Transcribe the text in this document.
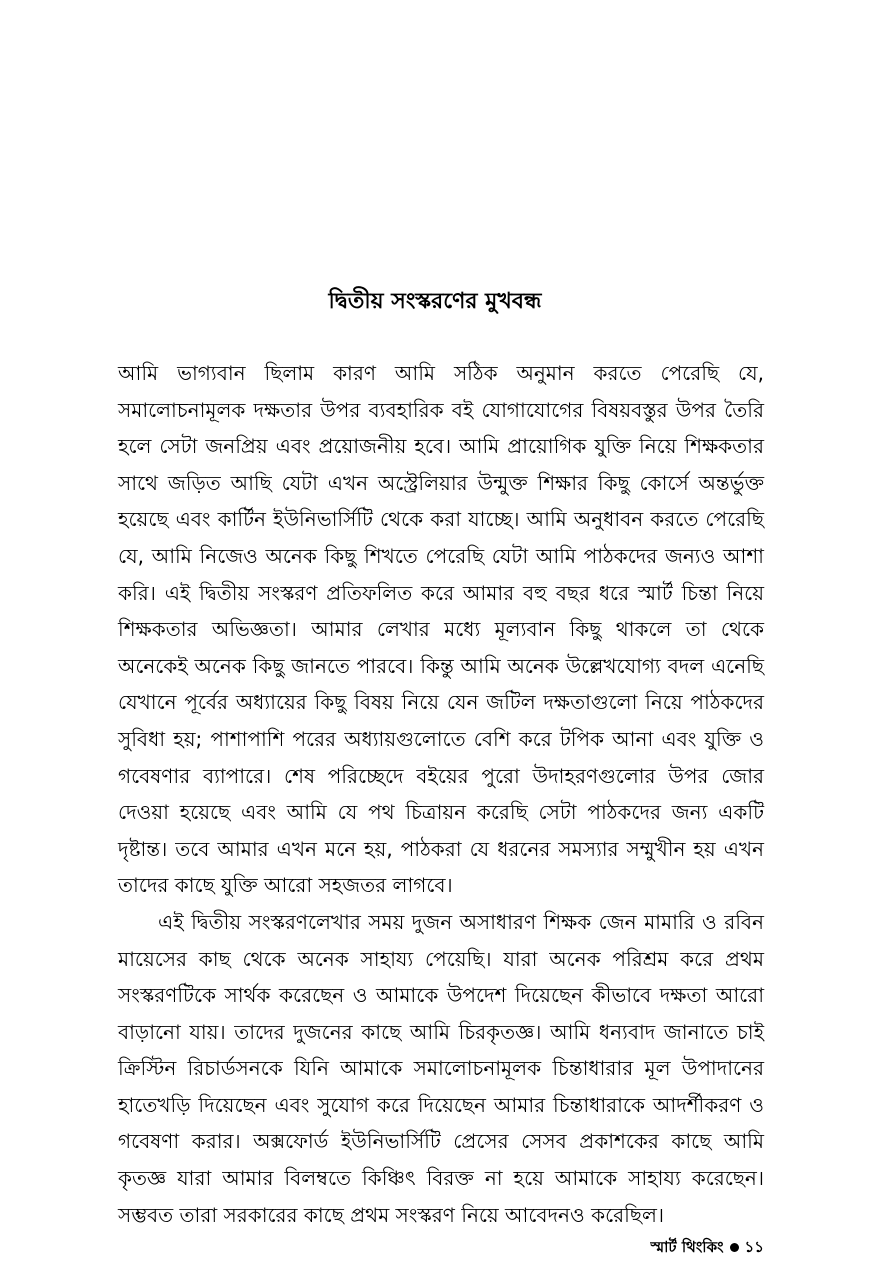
দ্বিতীয় সংস্করণের মুখবন্ধ

আমি ভাগ্যবান ছিলাম কারণ আমি সঠিক অনুমান করতে পেরেছি যে, সমালোচনামূলক দক্ষতার উপর ব্যবহারিক বই যোগাযোগের বিষয়বস্তুর উপর তৈরি হলে সেটা জনপ্রিয় এবং প্রয়োজনীয় হবে। আমি প্রায়োগিক যুক্তি নিয়ে শিক্ষকতার সাথে জড়িত আছি যেটা এখন অস্ট্রেলিয়ার উন্মুক্ত শিক্ষার কিছু কোর্সে অন্তর্ভুক্ত হয়েছে এবং কার্টিন ইউনিভার্সিটি থেকে করা যাচ্ছে। আমি অনুধাবন করতে পেরেছি যে, আমি নিজেও অনেক কিছু শিখতে পেরেছি যেটা আমি পাঠকদের জন্যও আশা করি। এই দ্বিতীয় সংস্করণ প্রতিফলিত করে আমার বহু বছর ধরে স্মার্ট চিন্তা নিয়ে শিক্ষকতার অভিজ্ঞতা। আমার লেখার মধ্যে মূল্যবান কিছু থাকলে তা থেকে অনেকেই অনেক কিছু জানতে পারবে। কিন্তু আমি অনেক উল্লেখযোগ্য বদল এনেছি যেখানে পূর্বের অধ্যায়ের কিছু বিষয় নিয়ে যেন জটিল দক্ষতাগুলো নিয়ে পাঠকদের সুবিধা হয়; পাশাপাশি পরের অধ্যায়গুলোতে বেশি করে টপিক আনা এবং যুক্তি ও গবেষণার ব্যাপারে। শেষ পরিচ্ছেদে বইয়ের পুরো উদাহরণগুলোর উপর জোর দেওয়া হয়েছে এবং আমি যে পথ চিত্রায়ন করেছি সেটা পাঠকদের জন্য একটি দৃষ্টান্ত। তবে আমার এখন মনে হয়, পাঠকরা যে ধরনের সমস্যার সম্মুখীন হয় এখন তাদের কাছে যুক্তি আরো সহজতর লাগবে।

এই দ্বিতীয় সংস্করণলেখার সময় দুজন অসাধারণ শিক্ষক জেন মামারি ও রবিন মায়েসের কাছ থেকে অনেক সাহায্য পেয়েছি। যারা অনেক পরিশ্রম করে প্রথম সংস্করণটিকে সার্থক করেছেন ও আমাকে উপদেশ দিয়েছেন কীভাবে দক্ষতা আরো বাড়ানো যায়। তাদের দুজনের কাছে আমি চিরকৃতজ্ঞ। আমি ধন্যবাদ জানাতে চাই ক্রিস্টিন রিচার্ডসনকে যিনি আমাকে সমালোচনামূলক চিন্তাধারার মূল উপাদানের হাতেখড়ি দিয়েছেন এবং সুযোগ করে দিয়েছেন আমার চিন্তাধারাকে আদর্শীকরণ ও গবেষণা করার। অক্সফোর্ড ইউনিভার্সিটি প্রেসের সেসব প্রকাশকের কাছে আমি কৃতজ্ঞ যারা আমার বিলম্বতে কিঞ্চিৎ বিরক্ত না হয়ে আমাকে সাহায্য করেছেন। সম্ভবত তারা সরকারের কাছে প্রথম সংস্করণ নিয়ে আবেদনও করেছিল।

স্মার্ট থিংকিং ১১
